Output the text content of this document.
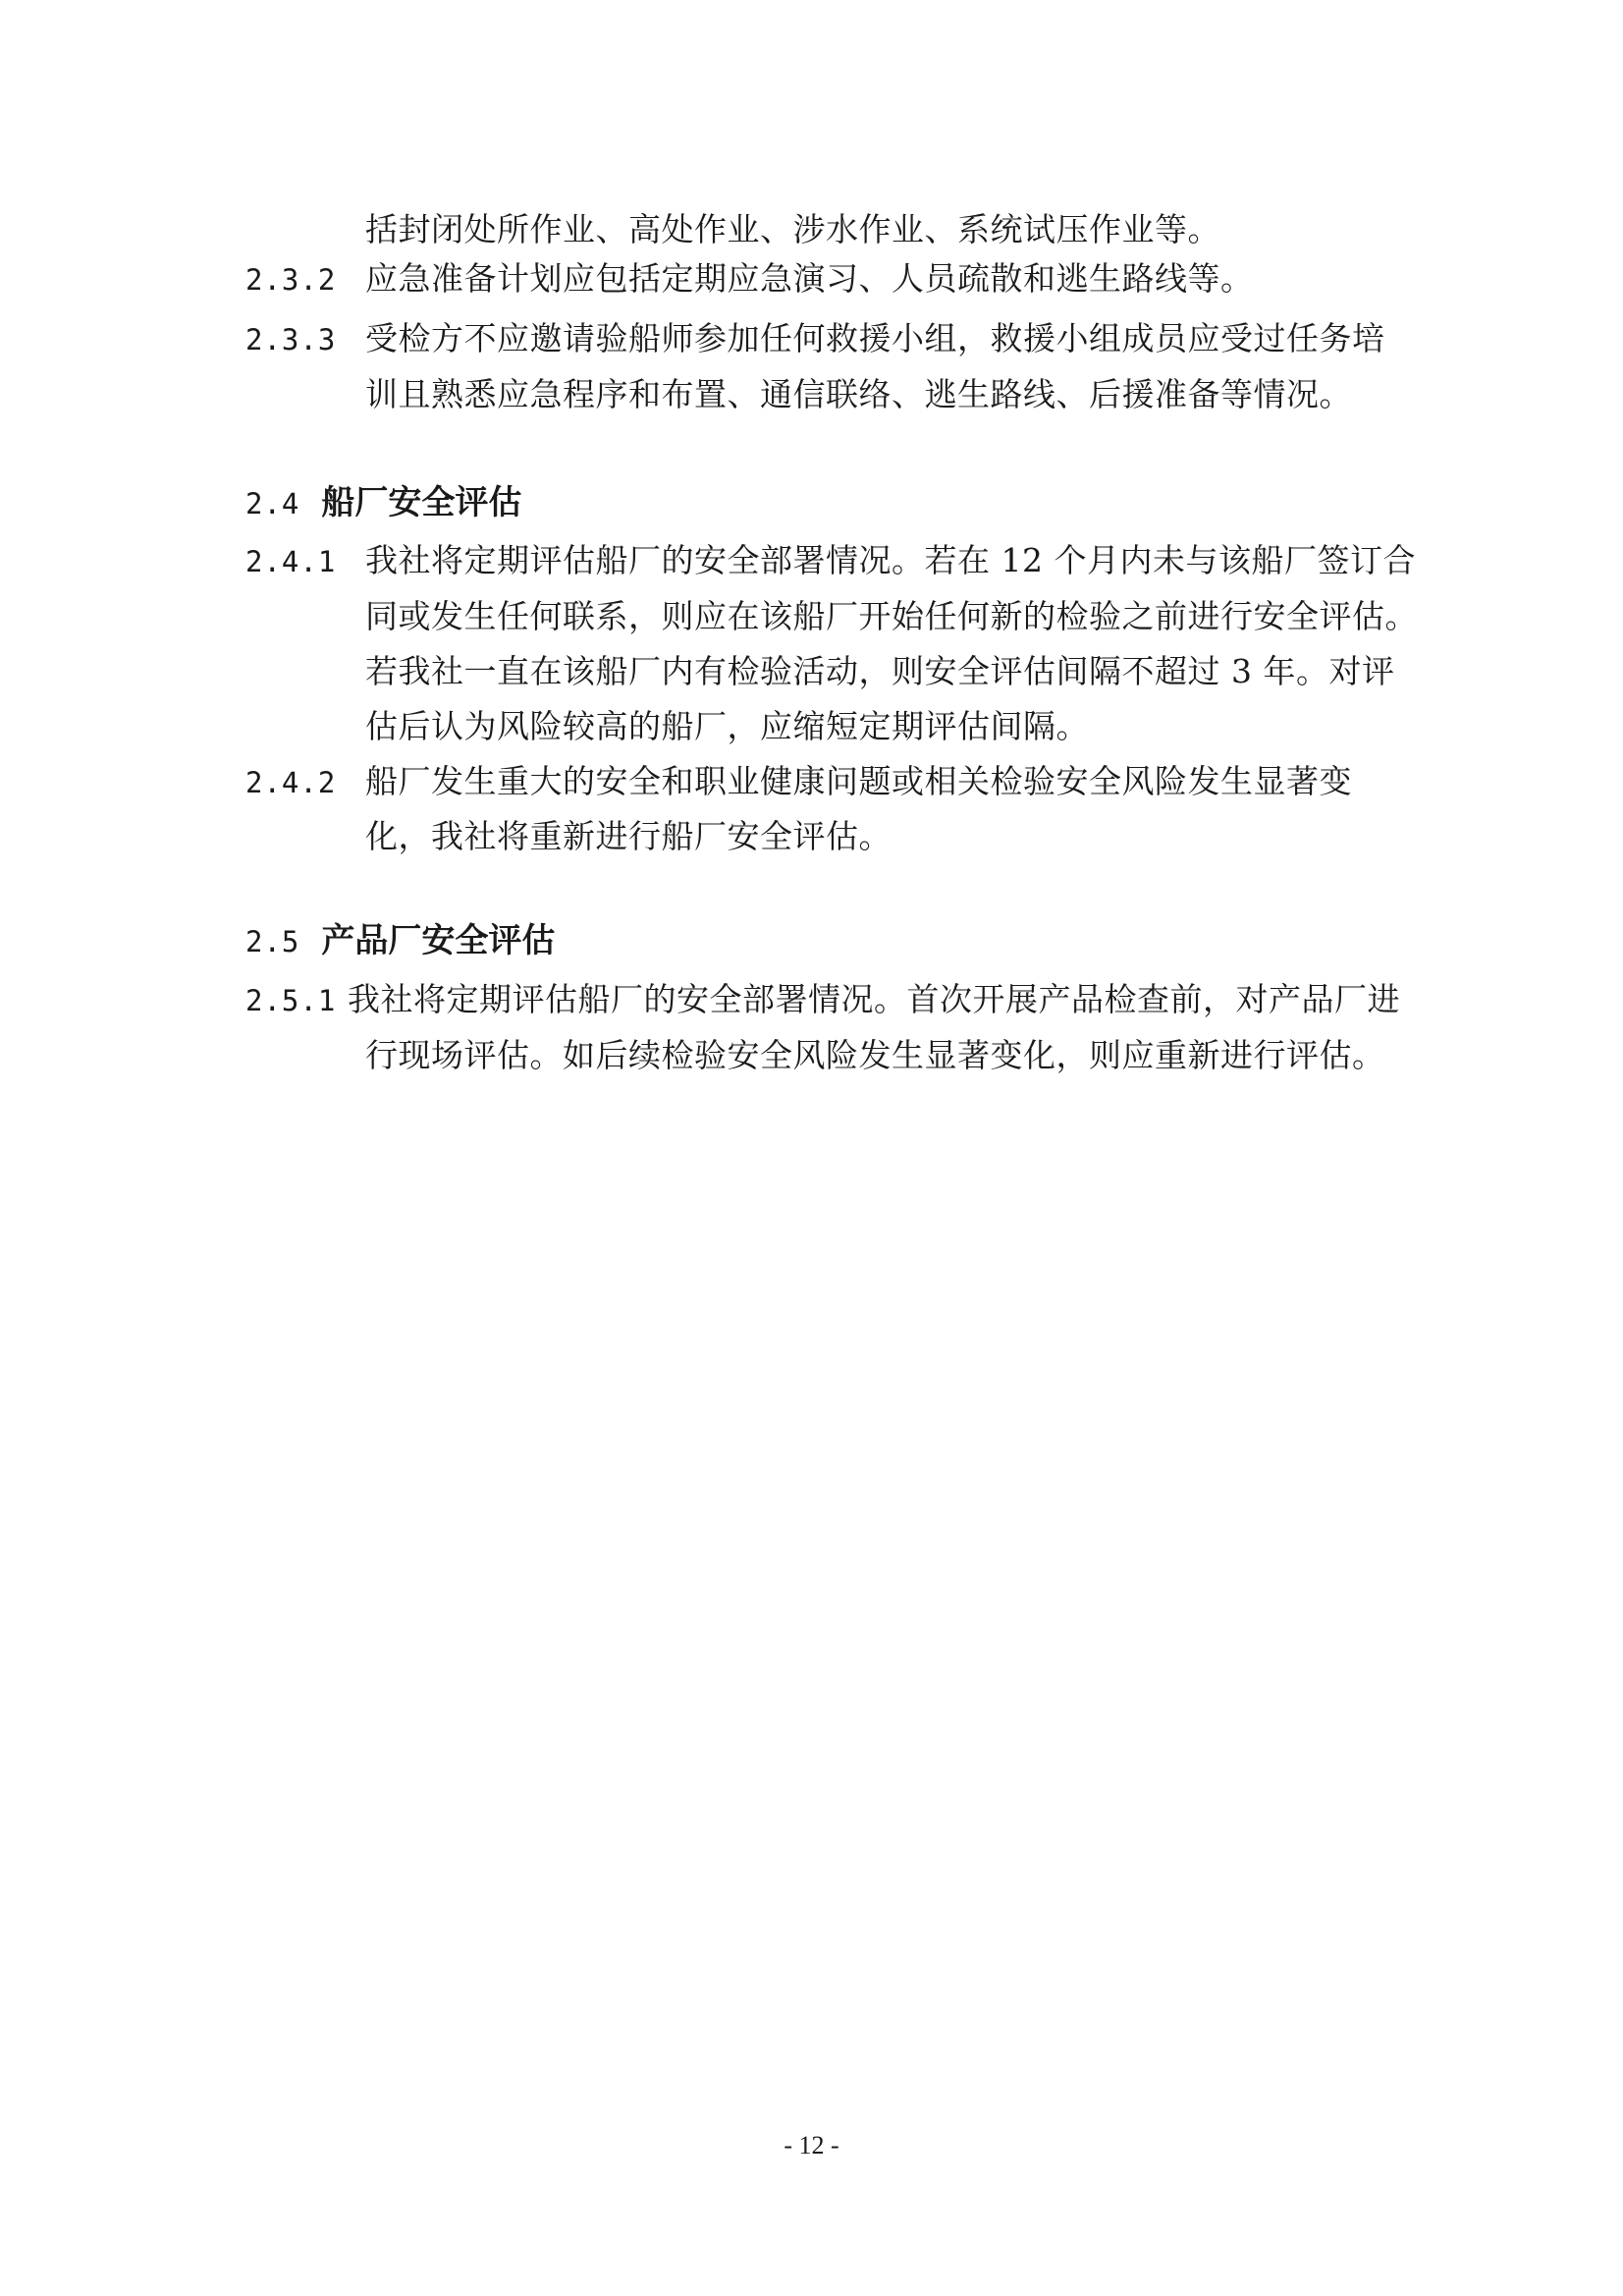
括封闭处所作业、高处作业、涉水作业、系统试压作业等。
2.3.2 应急准备计划应包括定期应急演习、人员疏散和逃生路线等。
2.3.3 受检方不应邀请验船师参加任何救援小组，救援小组成员应受过任务培
训且熟悉应急程序和布置、通信联络、逃生路线、后援准备等情况。
2.4 船厂安全评估
2.4.1 我社将定期评估船厂的安全部署情况。若在 12 个月内未与该船厂签订合
同或发生任何联系，则应在该船厂开始任何新的检验之前进行安全评估。
若我社一直在该船厂内有检验活动，则安全评估间隔不超过 3 年。对评
估后认为风险较高的船厂，应缩短定期评估间隔。
2.4.2 船厂发生重大的安全和职业健康问题或相关检验安全风险发生显著变
化，我社将重新进行船厂安全评估。
2.5 产品厂安全评估
2.5.1 我社将定期评估船厂的安全部署情况。首次开展产品检查前，对产品厂进
行现场评估。如后续检验安全风险发生显著变化，则应重新进行评估。
- 12 -
